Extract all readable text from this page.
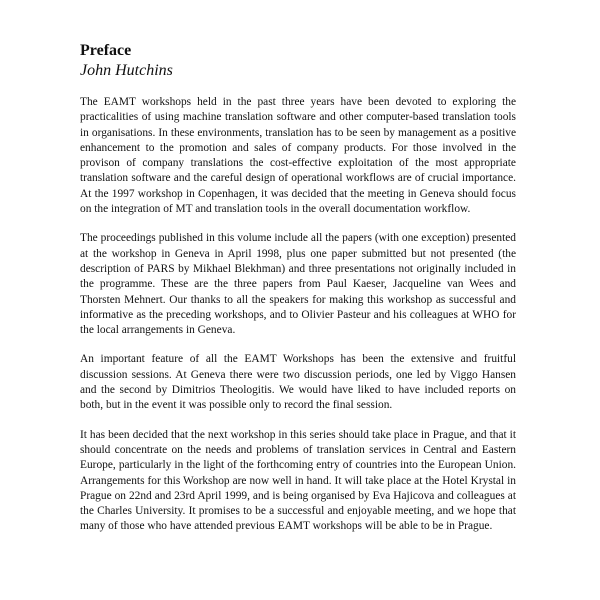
Preface
John Hutchins

The EAMT workshops held in the past three years have been devoted to exploring the practicalities of using machine translation software and other computer-based translation tools in organisations. In these environments, translation has to be seen by management as a positive enhancement to the promotion and sales of company products. For those involved in the provison of company translations the cost-effective exploitation of the most appropriate translation software and the careful design of operational workflows are of crucial importance. At the 1997 workshop in Copenhagen, it was decided that the meeting in Geneva should focus on the integration of MT and translation tools in the overall documentation workflow.

The proceedings published in this volume include all the papers (with one exception) presented at the workshop in Geneva in April 1998, plus one paper submitted but not presented (the description of PARS by Mikhael Blekhman) and three presentations not originally included in the programme. These are the three papers from Paul Kaeser, Jacqueline van Wees and Thorsten Mehnert. Our thanks to all the speakers for making this workshop as successful and informative as the preceding workshops, and to Olivier Pasteur and his colleagues at WHO for the local arrangements in Geneva.

An important feature of all the EAMT Workshops has been the extensive and fruitful discussion sessions. At Geneva there were two discussion periods, one led by Viggo Hansen and the second by Dimitrios Theologitis. We would have liked to have included reports on both, but in the event it was possible only to record the final session.

It has been decided that the next workshop in this series should take place in Prague, and that it should concentrate on the needs and problems of translation services in Central and Eastern Europe, particularly in the light of the forthcoming entry of countries into the European Union. Arrangements for this Workshop are now well in hand. It will take place at the Hotel Krystal in Prague on 22nd and 23rd April 1999, and is being organised by Eva Hajicova and colleagues at the Charles University. It promises to be a successful and enjoyable meeting, and we hope that many of those who have attended previous EAMT workshops will be able to be in Prague.
